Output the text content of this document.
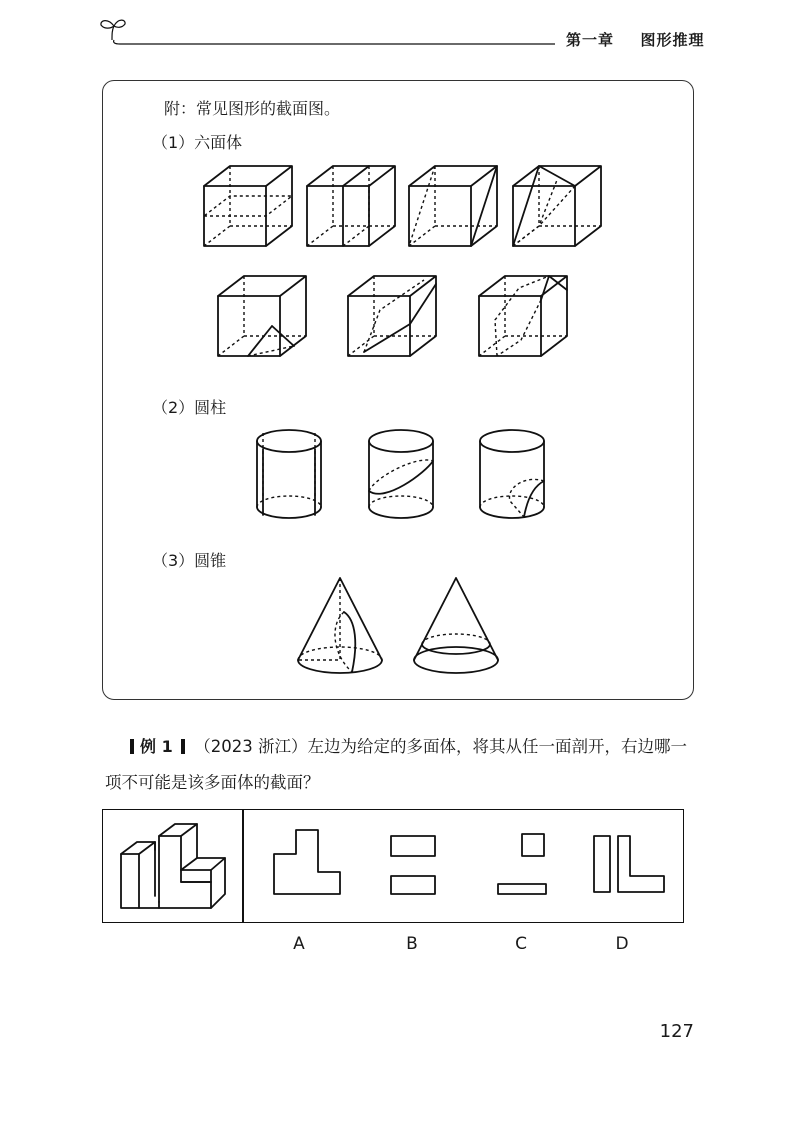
第一章 图形推理
附：常见图形的截面图。
（1）六面体
（2）圆柱
（3）圆锥
例 1 （2023 浙江）左边为给定的多面体，将其从任一面剖开，右边哪一
项不可能是该多面体的截面？
A	B	C	D
127
